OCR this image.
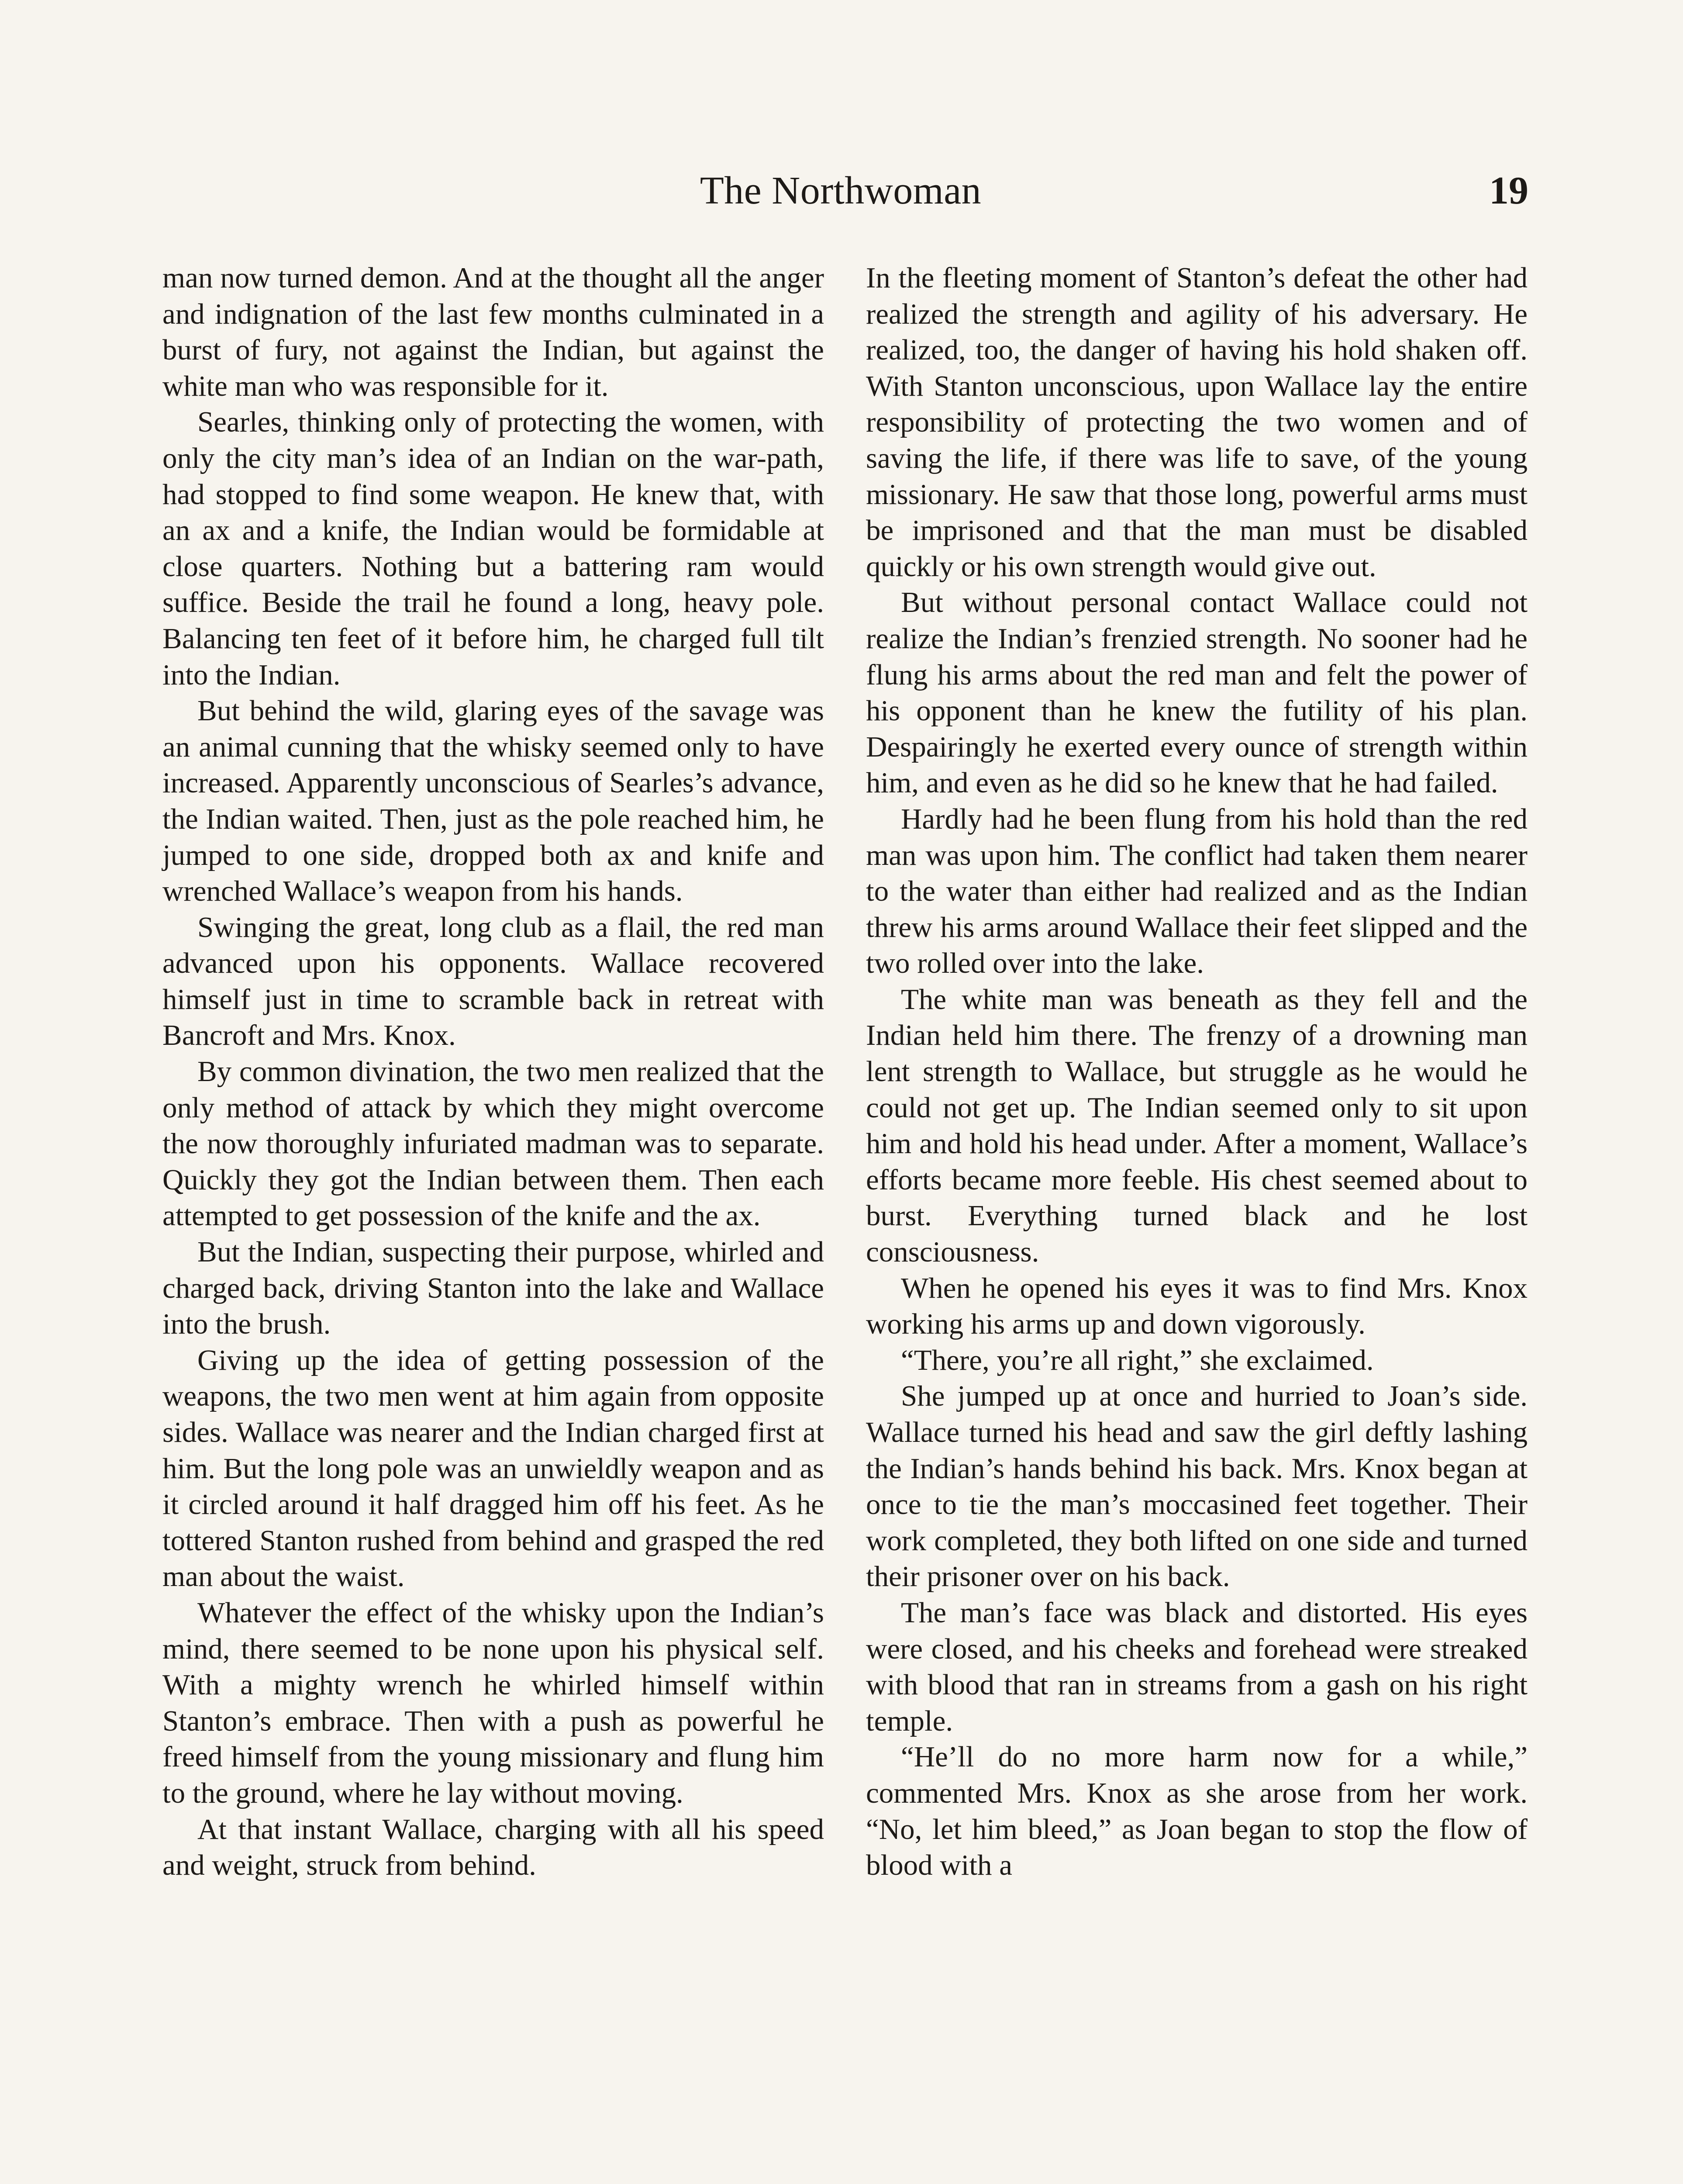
The Northwoman	19

man now turned demon. And at the thought all the anger and indignation of the last few months culminated in a burst of fury, not against the Indian, but against the white man who was responsible for it.

Searles, thinking only of protecting the women, with only the city man’s idea of an Indian on the war-path, had stopped to find some weapon. He knew that, with an ax and a knife, the Indian would be formidable at close quarters. Nothing but a battering ram would suffice. Beside the trail he found a long, heavy pole. Balancing ten feet of it before him, he charged full tilt into the Indian.

But behind the wild, glaring eyes of the savage was an animal cunning that the whisky seemed only to have increased. Apparently unconscious of Searles’s advance, the Indian waited. Then, just as the pole reached him, he jumped to one side, dropped both ax and knife and wrenched Wallace’s weapon from his hands.

Swinging the great, long club as a flail, the red man advanced upon his opponents. Wallace recovered himself just in time to scramble back in retreat with Bancroft and Mrs. Knox.

By common divination, the two men realized that the only method of attack by which they might overcome the now thoroughly infuriated madman was to separate. Quickly they got the Indian between them. Then each attempted to get possession of the knife and the ax.

But the Indian, suspecting their purpose, whirled and charged back, driving Stanton into the lake and Wallace into the brush.

Giving up the idea of getting possession of the weapons, the two men went at him again from opposite sides. Wallace was nearer and the Indian charged first at him. But the long pole was an unwieldly weapon and as it circled around it half dragged him off his feet. As he tottered Stanton rushed from behind and grasped the red man about the waist.

Whatever the effect of the whisky upon the Indian’s mind, there seemed to be none upon his physical self. With a mighty wrench he whirled himself within Stanton’s embrace. Then with a push as powerful he freed himself from the young missionary and flung him to the ground, where he lay without moving.

At that instant Wallace, charging with all his speed and weight, struck from behind.

In the fleeting moment of Stanton’s defeat the other had realized the strength and agility of his adversary. He realized, too, the danger of having his hold shaken off. With Stanton unconscious, upon Wallace lay the entire responsibility of protecting the two women and of saving the life, if there was life to save, of the young missionary. He saw that those long, powerful arms must be imprisoned and that the man must be disabled quickly or his own strength would give out.

But without personal contact Wallace could not realize the Indian’s frenzied strength. No sooner had he flung his arms about the red man and felt the power of his opponent than he knew the futility of his plan. Despairingly he exerted every ounce of strength within him, and even as he did so he knew that he had failed.

Hardly had he been flung from his hold than the red man was upon him. The conflict had taken them nearer to the water than either had realized and as the Indian threw his arms around Wallace their feet slipped and the two rolled over into the lake.

The white man was beneath as they fell and the Indian held him there. The frenzy of a drowning man lent strength to Wallace, but struggle as he would he could not get up. The Indian seemed only to sit upon him and hold his head under. After a moment, Wallace’s efforts became more feeble. His chest seemed about to burst. Everything turned black and he lost consciousness.

When he opened his eyes it was to find Mrs. Knox working his arms up and down vigorously.

“There, you’re all right,” she exclaimed.

She jumped up at once and hurried to Joan’s side. Wallace turned his head and saw the girl deftly lashing the Indian’s hands behind his back. Mrs. Knox began at once to tie the man’s moccasined feet together. Their work completed, they both lifted on one side and turned their prisoner over on his back.

The man’s face was black and distorted. His eyes were closed, and his cheeks and forehead were streaked with blood that ran in streams from a gash on his right temple.

“He’ll do no more harm now for a while,” commented Mrs. Knox as she arose from her work. “No, let him bleed,” as Joan began to stop the flow of blood with a
